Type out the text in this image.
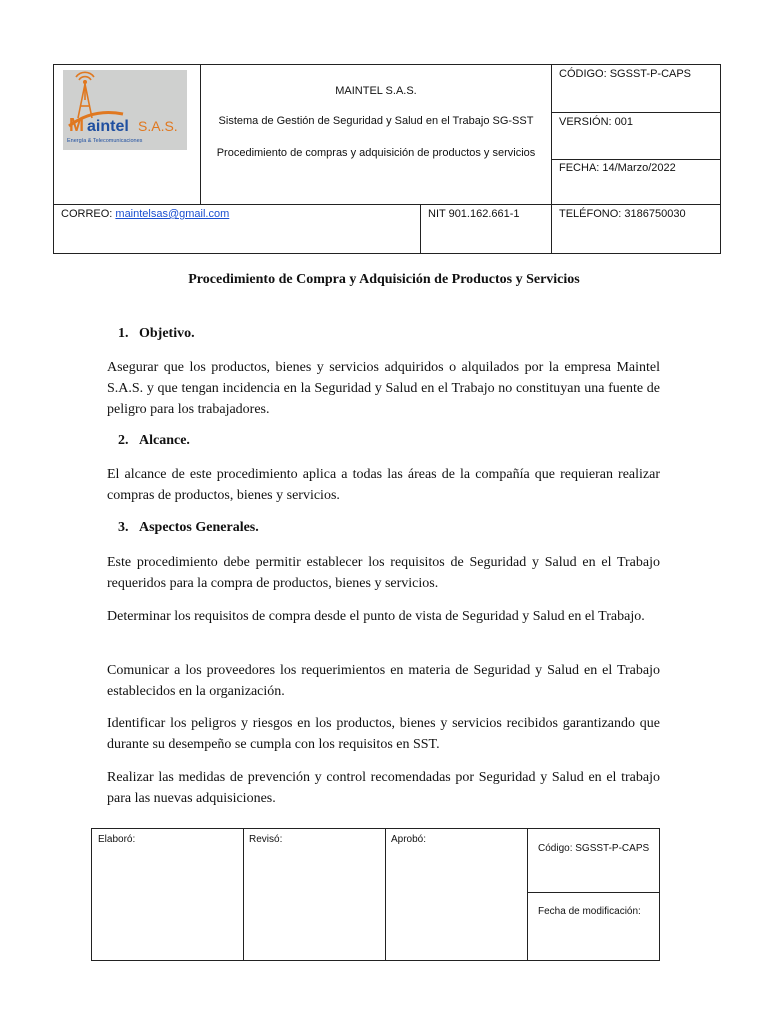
M aintel S.A.S.
Energía & Telecomunicaciones
MAINTEL S.A.S.
Sistema de Gestión de Seguridad y Salud en el Trabajo SG-SST
Procedimiento de compras y adquisición de productos y servicios
CÓDIGO: SGSST-P-CAPS
VERSIÓN: 001
FECHA: 14/Marzo/2022
CORREO: maintelsas@gmail.com	NIT 901.162.661-1	TELÉFONO: 3186750030
Procedimiento de Compra y Adquisición de Productos y Servicios
1. Objetivo.

Asegurar que los productos, bienes y servicios adquiridos o alquilados por la empresa Maintel S.A.S. y que tengan incidencia en la Seguridad y Salud en el Trabajo no constituyan una fuente de peligro para los trabajadores.

2. Alcance.

El alcance de este procedimiento aplica a todas las áreas de la compañía que requieran realizar compras de productos, bienes y servicios.

3. Aspectos Generales.

Este procedimiento debe permitir establecer los requisitos de Seguridad y Salud en el Trabajo requeridos para la compra de productos, bienes y servicios.

Determinar los requisitos de compra desde el punto de vista de Seguridad y Salud en el Trabajo.

Comunicar a los proveedores los requerimientos en materia de Seguridad y Salud en el Trabajo establecidos en la organización.

Identificar los peligros y riesgos en los productos, bienes y servicios recibidos garantizando que durante su desempeño se cumpla con los requisitos en SST.

Realizar las medidas de prevención y control recomendadas por Seguridad y Salud en el trabajo para las nuevas adquisiciones.

Elaboró:	Revisó:	Aprobó:
Código: SGSST-P-CAPS
Fecha de modificación:
